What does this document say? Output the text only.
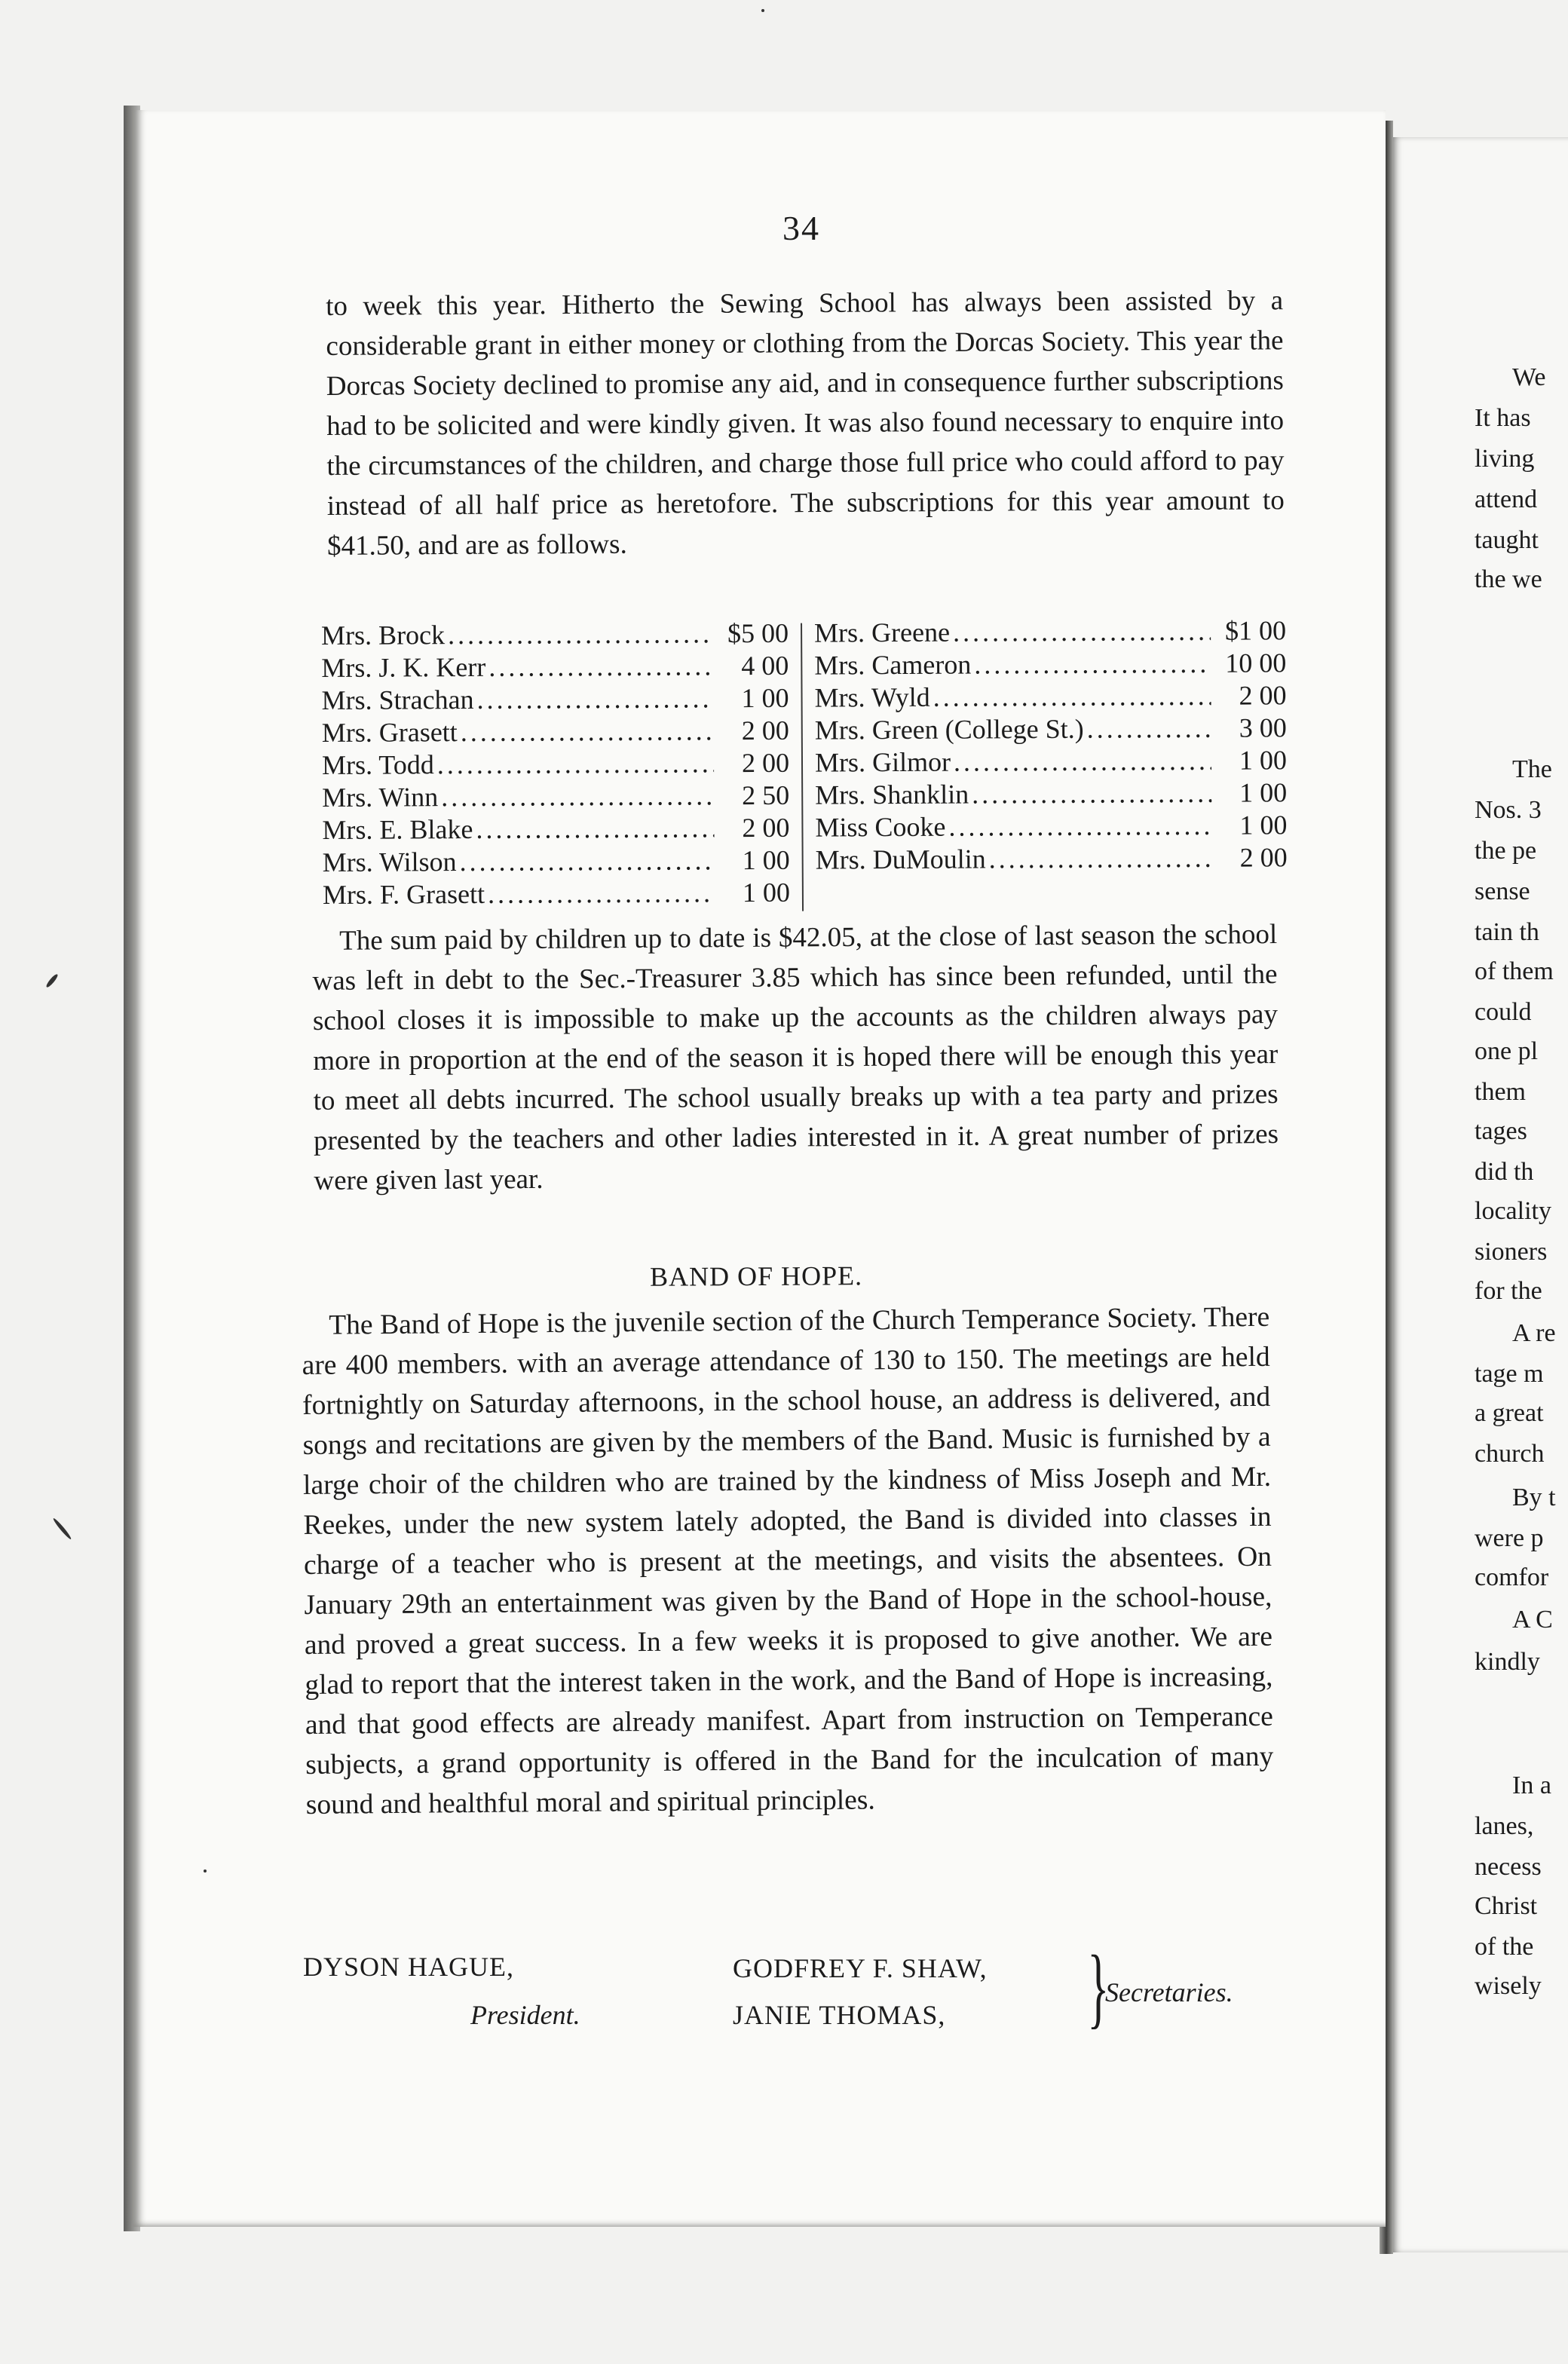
34

to week this year. Hitherto the Sewing School has always been assisted by a considerable grant in either money or clothing from the Dorcas Society. This year the Dorcas Society declined to promise any aid, and in consequence further subscriptions had to be solicited and were kindly given. It was also found necessary to enquire into the circumstances of the children, and charge those full price who could afford to pay instead of all half price as heretofore. The subscriptions for this year amount to $41.50, and are as follows.

Mrs. Brock .....	$5 00
Mrs. J. K. Kerr .....	4 00
Mrs. Strachan .....	1 00
Mrs. Grasett .....	2 00
Mrs. Todd .....	2 00
Mrs. Winn .....	2 50
Mrs. E. Blake .....	2 00
Mrs. Wilson .....	1 00
Mrs. F. Grasett .....	1 00
Mrs. Greene .....	$1 00
Mrs. Cameron .....	10 00
Mrs. Wyld .....	2 00
Mrs. Green (College St.) .....	3 00
Mrs. Gilmor .....	1 00
Mrs. Shanklin .....	1 00
Miss Cooke .....	1 00
Mrs. DuMoulin .....	2 00

The sum paid by children up to date is $42.05, at the close of last season the school was left in debt to the Sec.-Treasurer 3.85 which has since been refunded, until the school closes it is impossible to make up the accounts as the children always pay more in proportion at the end of the season it is hoped there will be enough this year to meet all debts incurred. The school usually breaks up with a tea party and prizes presented by the teachers and other ladies interested in it. A great number of prizes were given last year.

BAND OF HOPE.

The Band of Hope is the juvenile section of the Church Temperance Society. There are 400 members. with an average attendance of 130 to 150. The meetings are held fortnightly on Saturday afternoons, in the school house, an address is delivered, and songs and recitations are given by the members of the Band. Music is furnished by a large choir of the children who are trained by the kindness of Miss Joseph and Mr. Reekes, under the new system lately adopted, the Band is divided into classes in charge of a teacher who is present at the meetings, and visits the absentees. On January 29th an entertainment was given by the Band of Hope in the school-house, and proved a great success. In a few weeks it is proposed to give another. We are glad to report that the interest taken in the work, and the Band of Hope is increasing, and that good effects are already manifest. Apart from instruction on Temperance subjects, a grand opportunity is offered in the Band for the inculcation of many sound and healthful moral and spiritual principles.

DYSON HAGUE,
President.
GODFREY F. SHAW,
JANIE THOMAS, }
Secretaries.
We
It has
living
attend
taught
the we
The
Nos. 3
the pe
sense
tain th
of them
could
one pl
them
tages
did th
locality
sioners
for the
A re
tage m
a great
church
By t
were p
comfor
A C
kindly
In a
lanes,
necess
Christ
of the
wisely
